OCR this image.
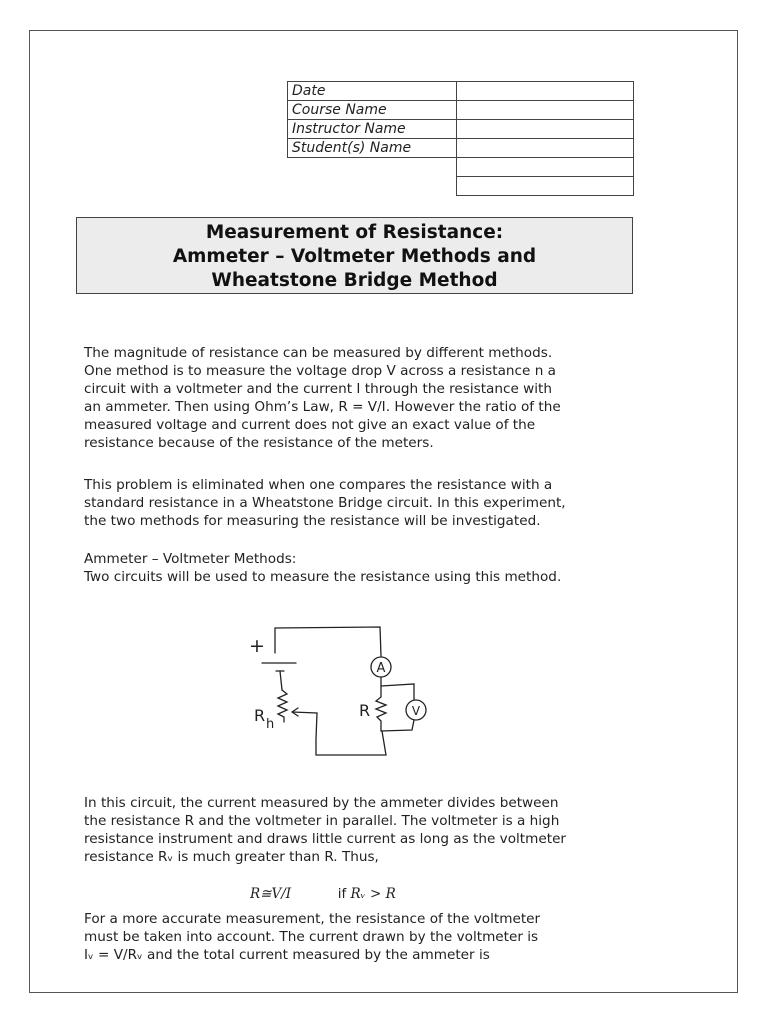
Date	
Course Name	
Instructor Name	
Student(s) Name	

Measurement of Resistance:
Ammeter – Voltmeter Methods and
Wheatstone Bridge Method

The magnitude of resistance can be measured by different methods.
One method is to measure the voltage drop V across a resistance n a
circuit with a voltmeter and the current I through the resistance with
an ammeter. Then using Ohm’s Law, R = V/I. However the ratio of the
measured voltage and current does not give an exact value of the
resistance because of the resistance of the meters.

This problem is eliminated when one compares the resistance with a
standard resistance in a Wheatstone Bridge circuit. In this experiment,
the two methods for measuring the resistance will be investigated.

Ammeter – Voltmeter Methods:
Two circuits will be used to measure the resistance using this method.

+
R h
R
A
V

In this circuit, the current measured by the ammeter divides between
the resistance R and the voltmeter in parallel. The voltmeter is a high
resistance instrument and draws little current as long as the voltmeter
resistance Rᵥ is much greater than R. Thus,

R≅V/I	if Rᵥ > R

For a more accurate measurement, the resistance of the voltmeter
must be taken into account. The current drawn by the voltmeter is
Iᵥ = V/Rᵥ and the total current measured by the ammeter is
